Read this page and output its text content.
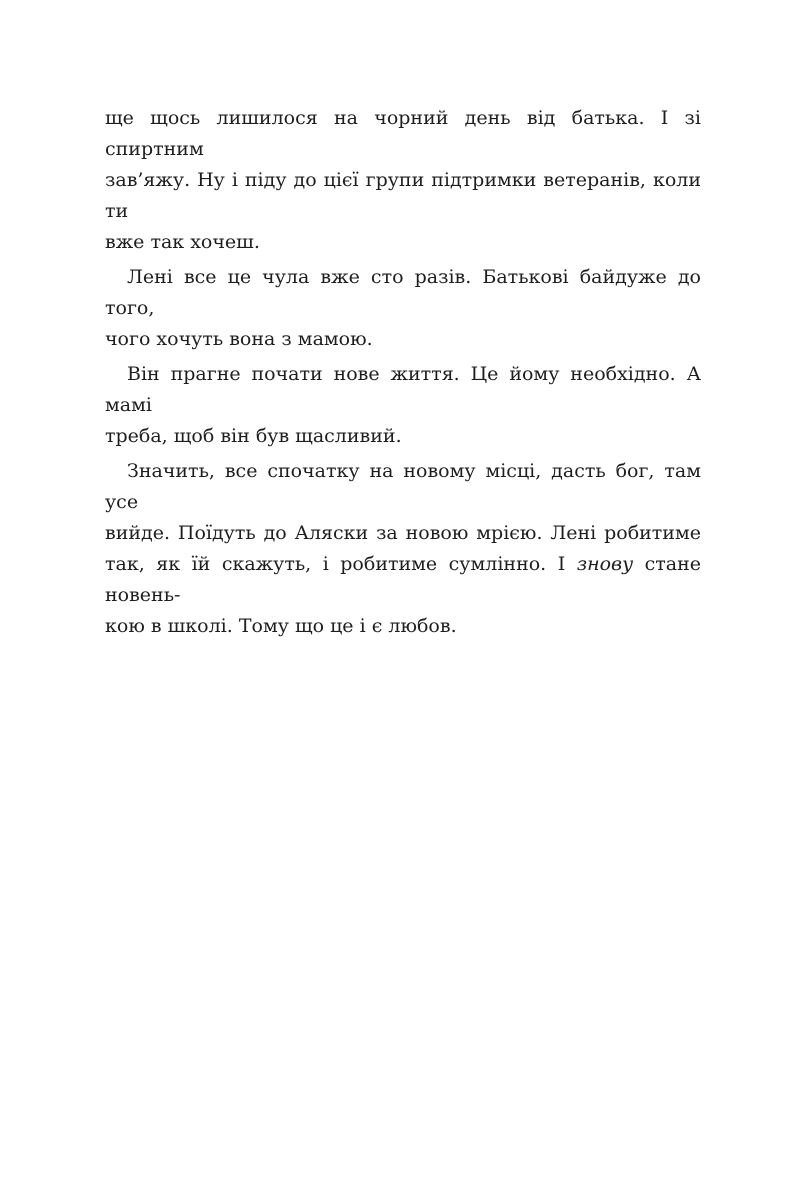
ще щось лишилося на чорний день від батька. І зі спиртним
зав’яжу. Ну і піду до цієї групи підтримки ветеранів, коли ти
вже так хочеш.

Лені все це чула вже сто разів. Батькові байдуже до того,
чого хочуть вона з мамою.

Він прагне почати нове життя. Це йому необхідно. А мамі
треба, щоб він був щасливий.

Значить, все спочатку на новому місці, дасть бог, там усе
вийде. Поїдуть до Аляски за новою мрією. Лені робитиме
так, як їй скажуть, і робитиме сумлінно. І знову стане новень-
кою в школі. Тому що це і є любов.
